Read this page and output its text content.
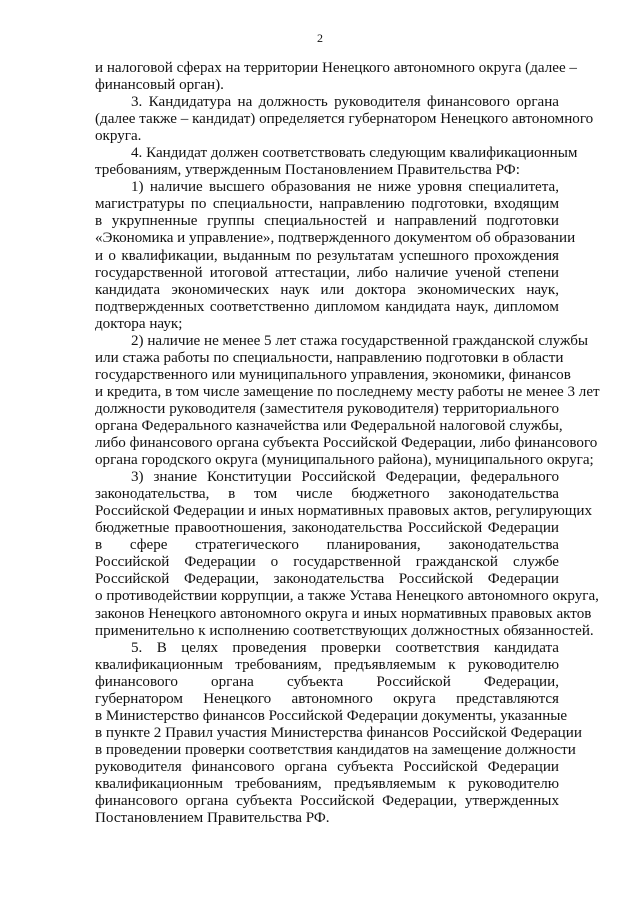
2
и налоговой сферах на территории Ненецкого автономного округа (далее –
финансовый орган).
3. Кандидатура на должность руководителя финансового органа
(далее также – кандидат) определяется губернатором Ненецкого автономного
округа.
4. Кандидат должен соответствовать следующим квалификационным
требованиям, утвержденным Постановлением Правительства РФ:
1) наличие высшего образования не ниже уровня специалитета,
магистратуры по специальности, направлению подготовки, входящим
в укрупненные группы специальностей и направлений подготовки
«Экономика и управление», подтвержденного документом об образовании
и о квалификации, выданным по результатам успешного прохождения
государственной итоговой аттестации, либо наличие ученой степени
кандидата экономических наук или доктора экономических наук,
подтвержденных соответственно дипломом кандидата наук, дипломом
доктора наук;
2) наличие не менее 5 лет стажа государственной гражданской службы
или стажа работы по специальности, направлению подготовки в области
государственного или муниципального управления, экономики, финансов
и кредита, в том числе замещение по последнему месту работы не менее 3 лет
должности руководителя (заместителя руководителя) территориального
органа Федерального казначейства или Федеральной налоговой службы,
либо финансового органа субъекта Российской Федерации, либо финансового
органа городского округа (муниципального района), муниципального округа;
3) знание Конституции Российской Федерации, федерального
законодательства, в том числе бюджетного законодательства
Российской Федерации и иных нормативных правовых актов, регулирующих
бюджетные правоотношения, законодательства Российской Федерации
в сфере стратегического планирования, законодательства
Российской Федерации о государственной гражданской службе
Российской Федерации, законодательства Российской Федерации
о противодействии коррупции, а также Устава Ненецкого автономного округа,
законов Ненецкого автономного округа и иных нормативных правовых актов
применительно к исполнению соответствующих должностных обязанностей.
5. В целях проведения проверки соответствия кандидата
квалификационным требованиям, предъявляемым к руководителю
финансового органа субъекта Российской Федерации,
губернатором Ненецкого автономного округа представляются
в Министерство финансов Российской Федерации документы, указанные
в пункте 2 Правил участия Министерства финансов Российской Федерации
в проведении проверки соответствия кандидатов на замещение должности
руководителя финансового органа субъекта Российской Федерации
квалификационным требованиям, предъявляемым к руководителю
финансового органа субъекта Российской Федерации, утвержденных
Постановлением Правительства РФ.
